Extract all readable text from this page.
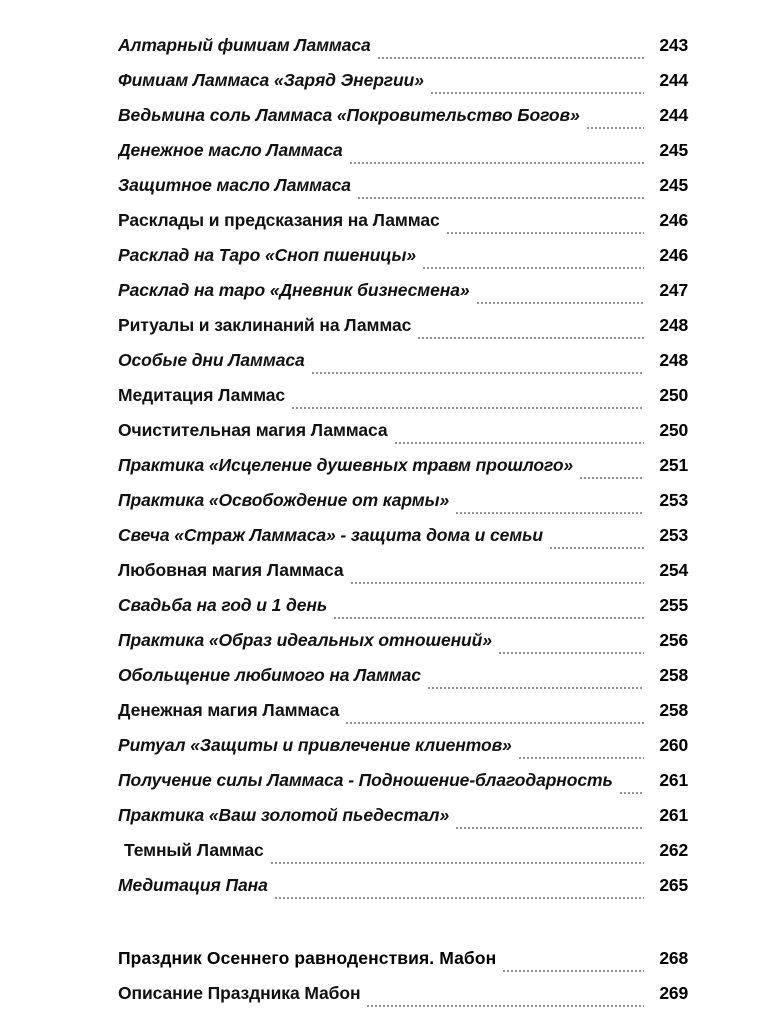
Алтарный фимиам Ламмаса	243
Фимиам Ламмаса «Заряд Энергии»	244
Ведьмина соль Ламмаса «Покровительство Богов»	244
Денежное масло Ламмаса	245
Защитное масло Ламмаса	245
Расклады и предсказания на Ламмас	246
Расклад на Таро «Сноп пшеницы»	246
Расклад на таро «Дневник бизнесмена»	247
Ритуалы и заклинаний на Ламмас	248
Особые дни Ламмаса	248
Медитация Ламмас	250
Очистительная магия Ламмаса	250
Практика «Исцеление душевных травм прошлого»	251
Практика «Освобождение от кармы»	253
Свеча «Страж Ламмаса» - защита дома и семьи	253
Любовная магия Ламмаса	254
Свадьба на год и 1 день	255
Практика «Образ идеальных отношений»	256
Обольщение любимого на Ламмас	258
Денежная магия Ламмаса	258
Ритуал «Защиты и привлечение клиентов»	260
Получение силы Ламмаса - Подношение-благодарность	261
Практика «Ваш золотой пьедестал»	261
Темный Ламмас	262
Медитация Пана	265
Праздник Осеннего равноденствия. Мабон	268
Описание Праздника Мабон	269
